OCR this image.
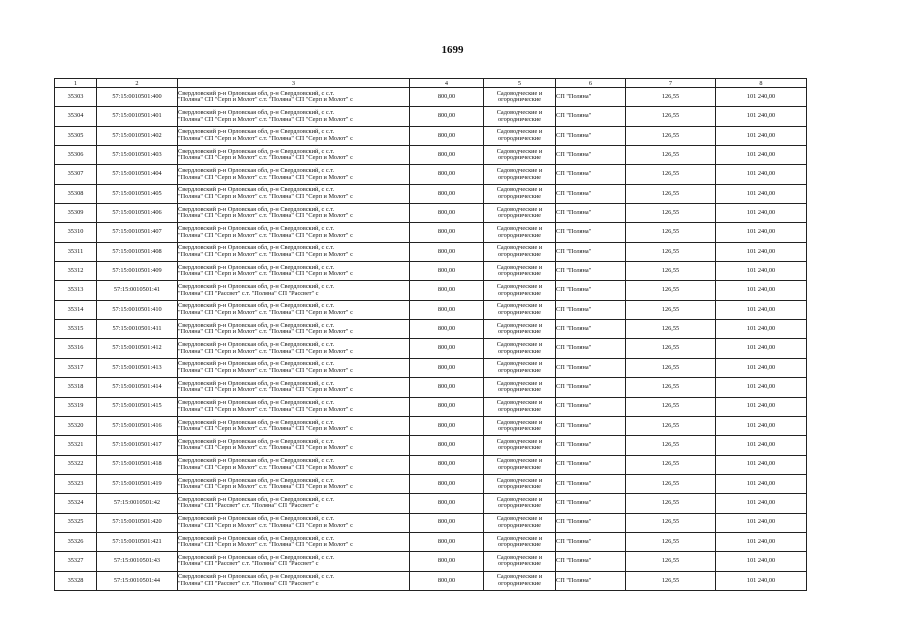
1699
1	2	3	4	5	6	7	8
35303	57:15:0010501:400	Свердловский р-н Орловская обл, р-н Свердловский, с с.т.
"Поляна" СП "Серп и Молот" с.т. "Поляна" СП "Серп и Молот" с	800,00	Садоводческие и
огороднические	СП "Поляна"	126,55	101 240,00
35304	57:15:0010501:401	Свердловский р-н Орловская обл, р-н Свердловский, с с.т.
"Поляна" СП "Серп и Молот" с.т. "Поляна" СП "Серп и Молот" с	800,00	Садоводческие и
огороднические	СП "Поляна"	126,55	101 240,00
35305	57:15:0010501:402	Свердловский р-н Орловская обл, р-н Свердловский, с с.т.
"Поляна" СП "Серп и Молот" с.т. "Поляна" СП "Серп и Молот" с	800,00	Садоводческие и
огороднические	СП "Поляна"	126,55	101 240,00
35306	57:15:0010501:403	Свердловский р-н Орловская обл, р-н Свердловский, с с.т.
"Поляна" СП "Серп и Молот" с.т. "Поляна" СП "Серп и Молот" с	800,00	Садоводческие и
огороднические	СП "Поляна"	126,55	101 240,00
35307	57:15:0010501:404	Свердловский р-н Орловская обл, р-н Свердловский, с с.т.
"Поляна" СП "Серп и Молот" с.т. "Поляна" СП "Серп и Молот" с	800,00	Садоводческие и
огороднические	СП "Поляна"	126,55	101 240,00
35308	57:15:0010501:405	Свердловский р-н Орловская обл, р-н Свердловский, с с.т.
"Поляна" СП "Серп и Молот" с.т. "Поляна" СП "Серп и Молот" с	800,00	Садоводческие и
огороднические	СП "Поляна"	126,55	101 240,00
35309	57:15:0010501:406	Свердловский р-н Орловская обл, р-н Свердловский, с с.т.
"Поляна" СП "Серп и Молот" с.т. "Поляна" СП "Серп и Молот" с	800,00	Садоводческие и
огороднические	СП "Поляна"	126,55	101 240,00
35310	57:15:0010501:407	Свердловский р-н Орловская обл, р-н Свердловский, с с.т.
"Поляна" СП "Серп и Молот" с.т. "Поляна" СП "Серп и Молот" с	800,00	Садоводческие и
огороднические	СП "Поляна"	126,55	101 240,00
35311	57:15:0010501:408	Свердловский р-н Орловская обл, р-н Свердловский, с с.т.
"Поляна" СП "Серп и Молот" с.т. "Поляна" СП "Серп и Молот" с	800,00	Садоводческие и
огороднические	СП "Поляна"	126,55	101 240,00
35312	57:15:0010501:409	Свердловский р-н Орловская обл, р-н Свердловский, с с.т.
"Поляна" СП "Серп и Молот" с.т. "Поляна" СП "Серп и Молот" с	800,00	Садоводческие и
огороднические	СП "Поляна"	126,55	101 240,00
35313	57:15:0010501:41	Свердловский р-н Орловская обл, р-н Свердловский, с с.т.
"Поляна" СП "Рассвет" с.т. "Поляна" СП "Рассвет" с	800,00	Садоводческие и
огороднические	СП "Поляна"	126,55	101 240,00
35314	57:15:0010501:410	Свердловский р-н Орловская обл, р-н Свердловский, с с.т.
"Поляна" СП "Серп и Молот" с.т. "Поляна" СП "Серп и Молот" с	800,00	Садоводческие и
огороднические	СП "Поляна"	126,55	101 240,00
35315	57:15:0010501:411	Свердловский р-н Орловская обл, р-н Свердловский, с с.т.
"Поляна" СП "Серп и Молот" с.т. "Поляна" СП "Серп и Молот" с	800,00	Садоводческие и
огороднические	СП "Поляна"	126,55	101 240,00
35316	57:15:0010501:412	Свердловский р-н Орловская обл, р-н Свердловский, с с.т.
"Поляна" СП "Серп и Молот" с.т. "Поляна" СП "Серп и Молот" с	800,00	Садоводческие и
огороднические	СП "Поляна"	126,55	101 240,00
35317	57:15:0010501:413	Свердловский р-н Орловская обл, р-н Свердловский, с с.т.
"Поляна" СП "Серп и Молот" с.т. "Поляна" СП "Серп и Молот" с	800,00	Садоводческие и
огороднические	СП "Поляна"	126,55	101 240,00
35318	57:15:0010501:414	Свердловский р-н Орловская обл, р-н Свердловский, с с.т.
"Поляна" СП "Серп и Молот" с.т. "Поляна" СП "Серп и Молот" с	800,00	Садоводческие и
огороднические	СП "Поляна"	126,55	101 240,00
35319	57:15:0010501:415	Свердловский р-н Орловская обл, р-н Свердловский, с с.т.
"Поляна" СП "Серп и Молот" с.т. "Поляна" СП "Серп и Молот" с	800,00	Садоводческие и
огороднические	СП "Поляна"	126,55	101 240,00
35320	57:15:0010501:416	Свердловский р-н Орловская обл, р-н Свердловский, с с.т.
"Поляна" СП "Серп и Молот" с.т. "Поляна" СП "Серп и Молот" с	800,00	Садоводческие и
огороднические	СП "Поляна"	126,55	101 240,00
35321	57:15:0010501:417	Свердловский р-н Орловская обл, р-н Свердловский, с с.т.
"Поляна" СП "Серп и Молот" с.т. "Поляна" СП "Серп и Молот" с	800,00	Садоводческие и
огороднические	СП "Поляна"	126,55	101 240,00
35322	57:15:0010501:418	Свердловский р-н Орловская обл, р-н Свердловский, с с.т.
"Поляна" СП "Серп и Молот" с.т. "Поляна" СП "Серп и Молот" с	800,00	Садоводческие и
огороднические	СП "Поляна"	126,55	101 240,00
35323	57:15:0010501:419	Свердловский р-н Орловская обл, р-н Свердловский, с с.т.
"Поляна" СП "Серп и Молот" с.т. "Поляна" СП "Серп и Молот" с	800,00	Садоводческие и
огороднические	СП "Поляна"	126,55	101 240,00
35324	57:15:0010501:42	Свердловский р-н Орловская обл, р-н Свердловский, с с.т.
"Поляна" СП "Рассвет" с.т. "Поляна" СП "Рассвет" с	800,00	Садоводческие и
огороднические	СП "Поляна"	126,55	101 240,00
35325	57:15:0010501:420	Свердловский р-н Орловская обл, р-н Свердловский, с с.т.
"Поляна" СП "Серп и Молот" с.т. "Поляна" СП "Серп и Молот" с	800,00	Садоводческие и
огороднические	СП "Поляна"	126,55	101 240,00
35326	57:15:0010501:421	Свердловский р-н Орловская обл, р-н Свердловский, с с.т.
"Поляна" СП "Серп и Молот" с.т. "Поляна" СП "Серп и Молот" с	800,00	Садоводческие и
огороднические	СП "Поляна"	126,55	101 240,00
35327	57:15:0010501:43	Свердловский р-н Орловская обл, р-н Свердловский, с с.т.
"Поляна" СП "Рассвет" с.т. "Поляна" СП "Рассвет" с	800,00	Садоводческие и
огороднические	СП "Поляна"	126,55	101 240,00
35328	57:15:0010501:44	Свердловский р-н Орловская обл, р-н Свердловский, с с.т.
"Поляна" СП "Рассвет" с.т. "Поляна" СП "Рассвет" с	800,00	Садоводческие и
огороднические	СП "Поляна"	126,55	101 240,00
